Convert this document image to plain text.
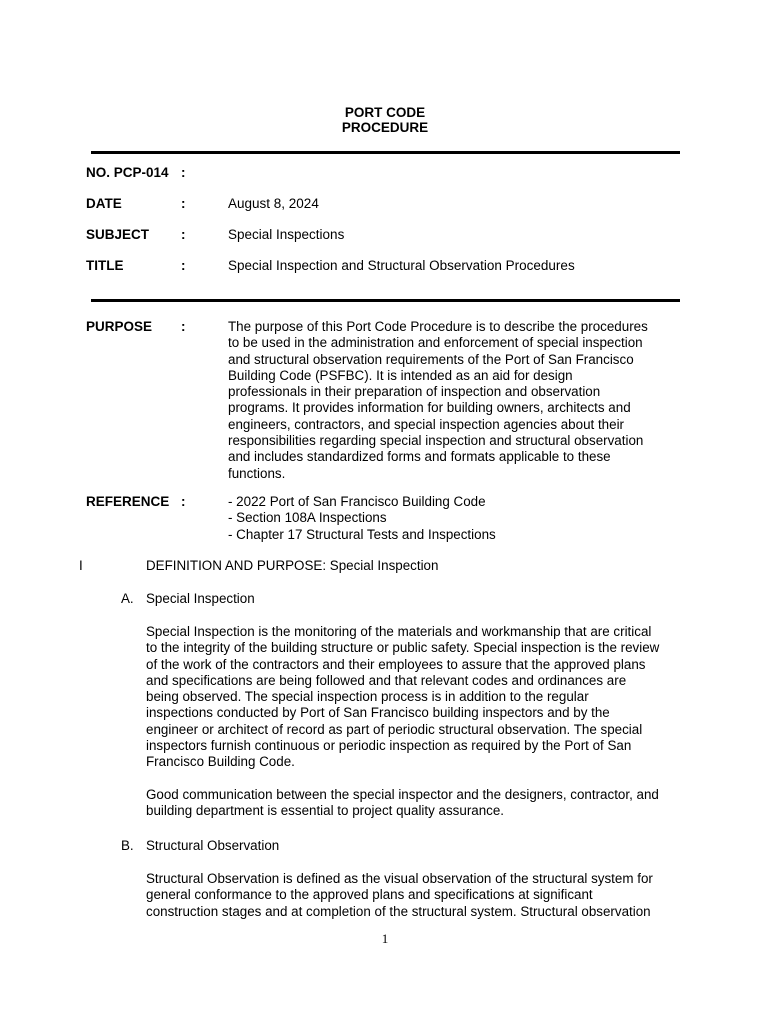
PORT CODE
PROCEDURE
NO. PCP-014 :
DATE	:	August 8, 2024
SUBJECT :	Special Inspections
TITLE	:	Special Inspection and Structural Observation Procedures
PURPOSE :	The purpose of this Port Code Procedure is to describe the procedures
to be used in the administration and enforcement of special inspection
and structural observation requirements of the Port of San Francisco
Building Code (PSFBC). It is intended as an aid for design
professionals in their preparation of inspection and observation
programs. It provides information for building owners, architects and
engineers, contractors, and special inspection agencies about their
responsibilities regarding special inspection and structural observation
and includes standardized forms and formats applicable to these
functions.
REFERENCE :	- 2022 Port of San Francisco Building Code
- Section 108A Inspections
- Chapter 17 Structural Tests and Inspections
I	DEFINITION AND PURPOSE: Special Inspection
A. Special Inspection
Special Inspection is the monitoring of the materials and workmanship that are critical
to the integrity of the building structure or public safety. Special inspection is the review
of the work of the contractors and their employees to assure that the approved plans
and specifications are being followed and that relevant codes and ordinances are
being observed. The special inspection process is in addition to the regular
inspections conducted by Port of San Francisco building inspectors and by the
engineer or architect of record as part of periodic structural observation. The special
inspectors furnish continuous or periodic inspection as required by the Port of San
Francisco Building Code.
Good communication between the special inspector and the designers, contractor, and
building department is essential to project quality assurance.
B. Structural Observation
Structural Observation is defined as the visual observation of the structural system for
general conformance to the approved plans and specifications at significant
construction stages and at completion of the structural system. Structural observation
1
